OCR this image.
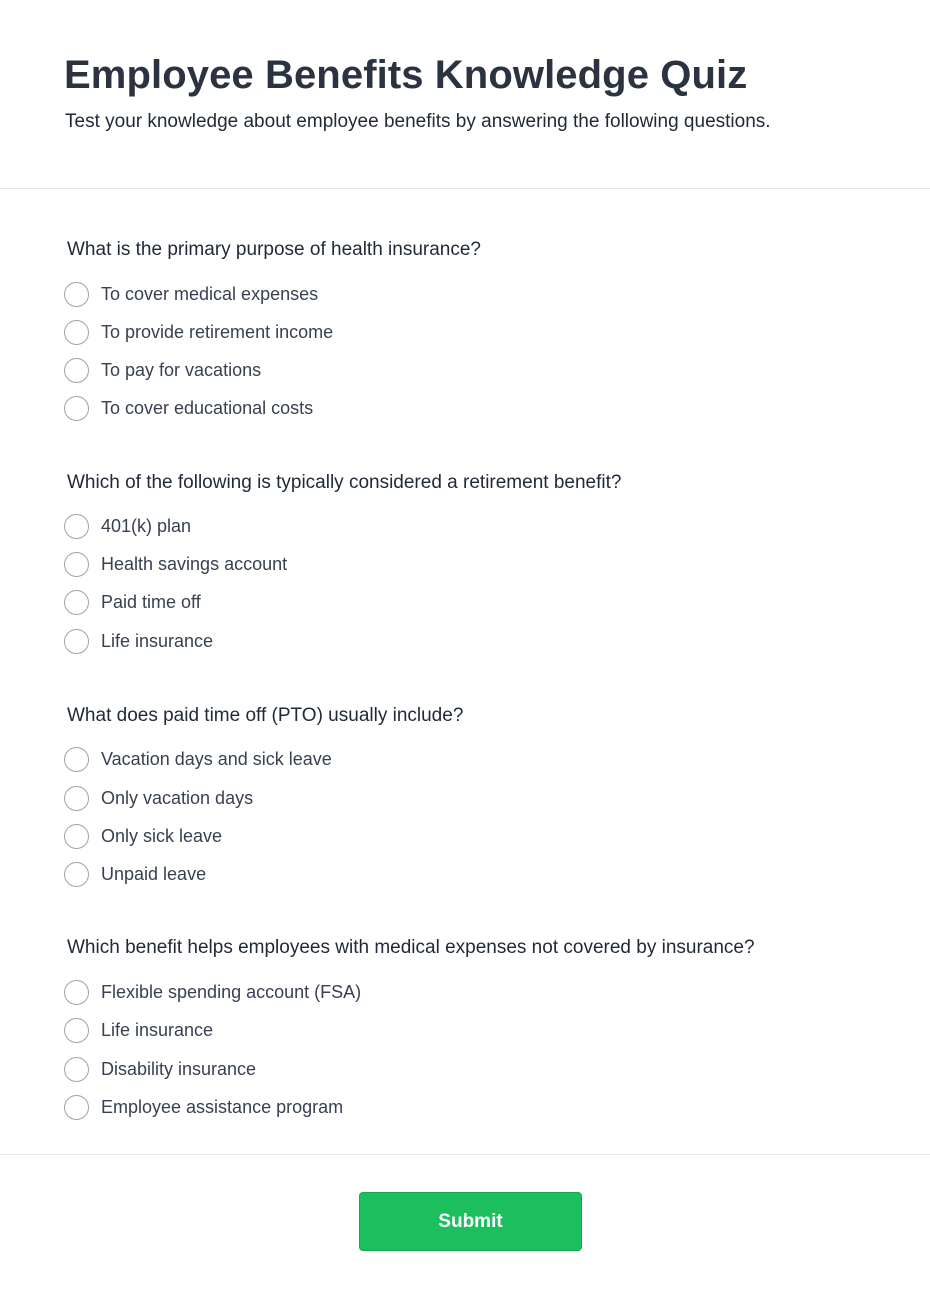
Employee Benefits Knowledge Quiz

Test your knowledge about employee benefits by answering the following questions.

What is the primary purpose of health insurance?
To cover medical expenses
To provide retirement income
To pay for vacations
To cover educational costs
Which of the following is typically considered a retirement benefit?
401(k) plan
Health savings account
Paid time off
Life insurance
What does paid time off (PTO) usually include?
Vacation days and sick leave
Only vacation days
Only sick leave
Unpaid leave
Which benefit helps employees with medical expenses not covered by insurance?
Flexible spending account (FSA)
Life insurance
Disability insurance
Employee assistance program
Submit
